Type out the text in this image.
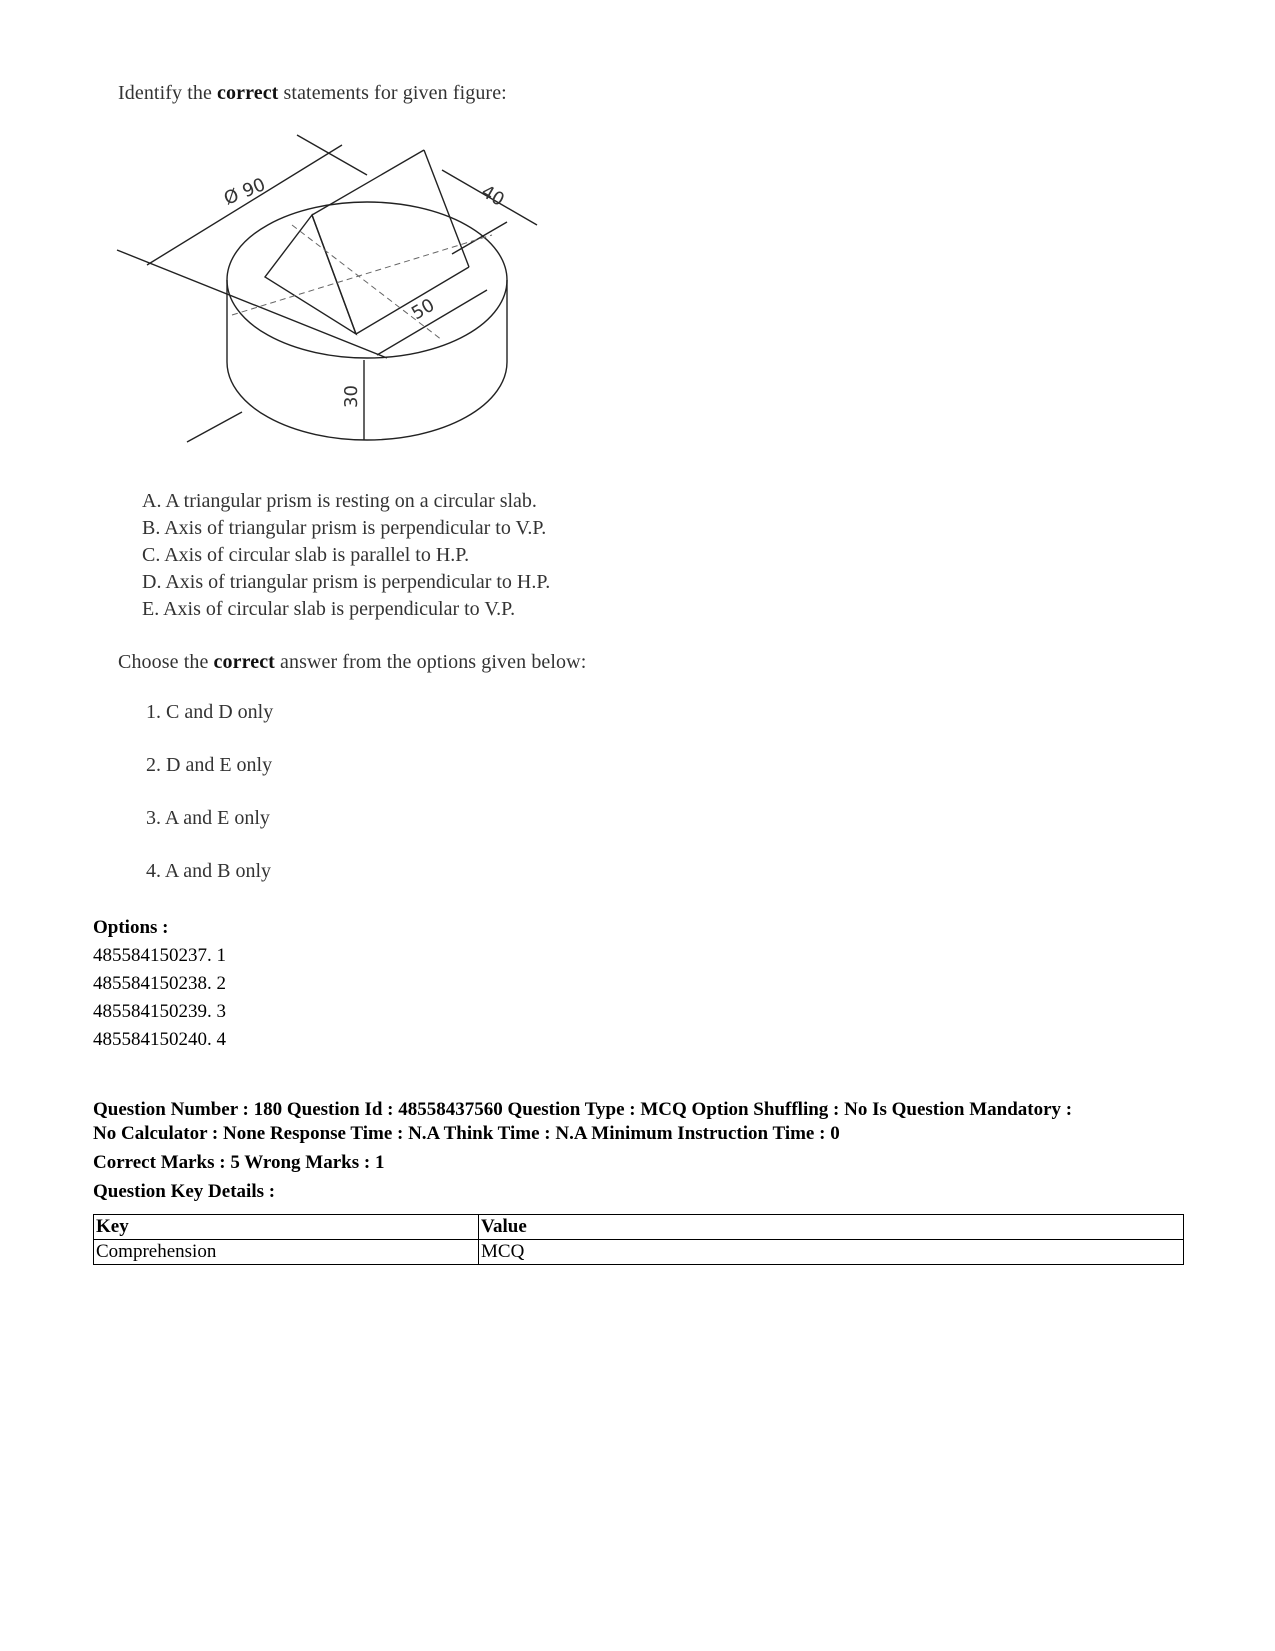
Identify the correct statements for given figure:
Ø 90	40
50
30
A. A triangular prism is resting on a circular slab.
B. Axis of triangular prism is perpendicular to V.P.
C. Axis of circular slab is parallel to H.P.
D. Axis of triangular prism is perpendicular to H.P.
E. Axis of circular slab is perpendicular to V.P.
Choose the correct answer from the options given below:
1. C and D only
2. D and E only
3. A and E only
4. A and B only
Options :
485584150237. 1
485584150238. 2
485584150239. 3
485584150240. 4
Question Number : 180 Question Id : 48558437560 Question Type : MCQ Option Shuffling : No Is Question Mandatory :
No Calculator : None Response Time : N.A Think Time : N.A Minimum Instruction Time : 0
Correct Marks : 5 Wrong Marks : 1
Question Key Details :
Key	Value
Comprehension	MCQ
